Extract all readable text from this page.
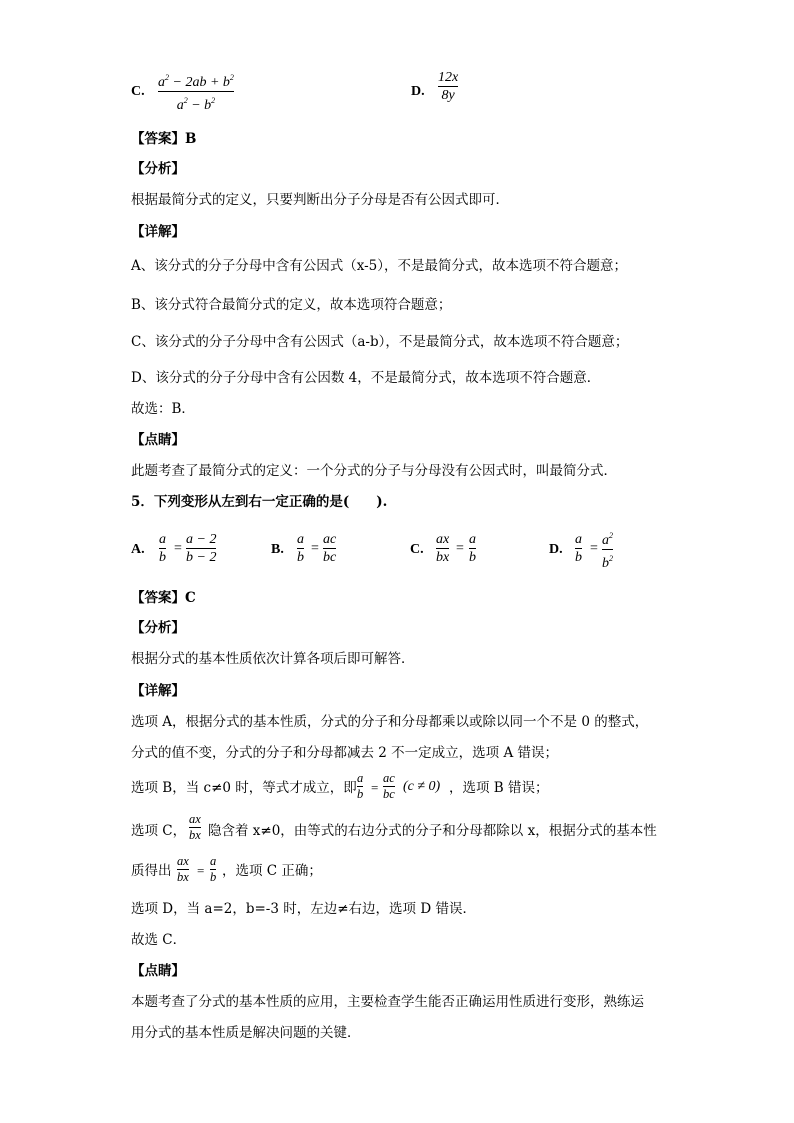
C.
$a^2 - 2ab + b^2$
$a^2 - b^2$
D.
12x
8y
【答案】B
【分析】
根据最简分式的定义，只要判断出分子分母是否有公因式即可．
【详解】
A、该分式的分子分母中含有公因式（x-5），不是最简分式，故本选项不符合题意；
B、该分式符合最简分式的定义，故本选项符合题意；
C、该分式的分子分母中含有公因式（a-b），不是最简分式，故本选项不符合题意；
D、该分式的分子分母中含有公因数 4，不是最简分式，故本选项不符合题意．
故选：B．
【点睛】
此题考查了最简分式的定义：一个分式的分子与分母没有公因式时，叫最简分式．
5．下列变形从左到右一定正确的是(　　).
A.
a
b
=
a − 2
b − 2
B.
a
b
=
ac
bc
C.
ax
bx
=
a
b
D.
a
b
=
$a^2$
$b^2$
【答案】C
【分析】
根据分式的基本性质依次计算各项后即可解答．
【详解】
选项 A，根据分式的基本性质，分式的分子和分母都乘以或除以同一个不是 0 的整式，
分式的值不变，分式的分子和分母都减去 2 不一定成立，选项 A 错误；
选项 B，当 c≠0 时，等式才成立，即
a
b =
ac
bc (c ≠ 0) ，选项 B 错误；
选项 C，
ax
bx 隐含着 x≠0，由等式的右边分式的分子和分母都除以 x，根据分式的基本性
质得出
ax
bx =
a
b ，选项 C 正确；
选项 D，当 a=2，b=-3 时，左边≠右边，选项 D 错误．
故选 C．
【点睛】
本题考查了分式的基本性质的应用，主要检查学生能否正确运用性质进行变形，熟练运
用分式的基本性质是解决问题的关键．
